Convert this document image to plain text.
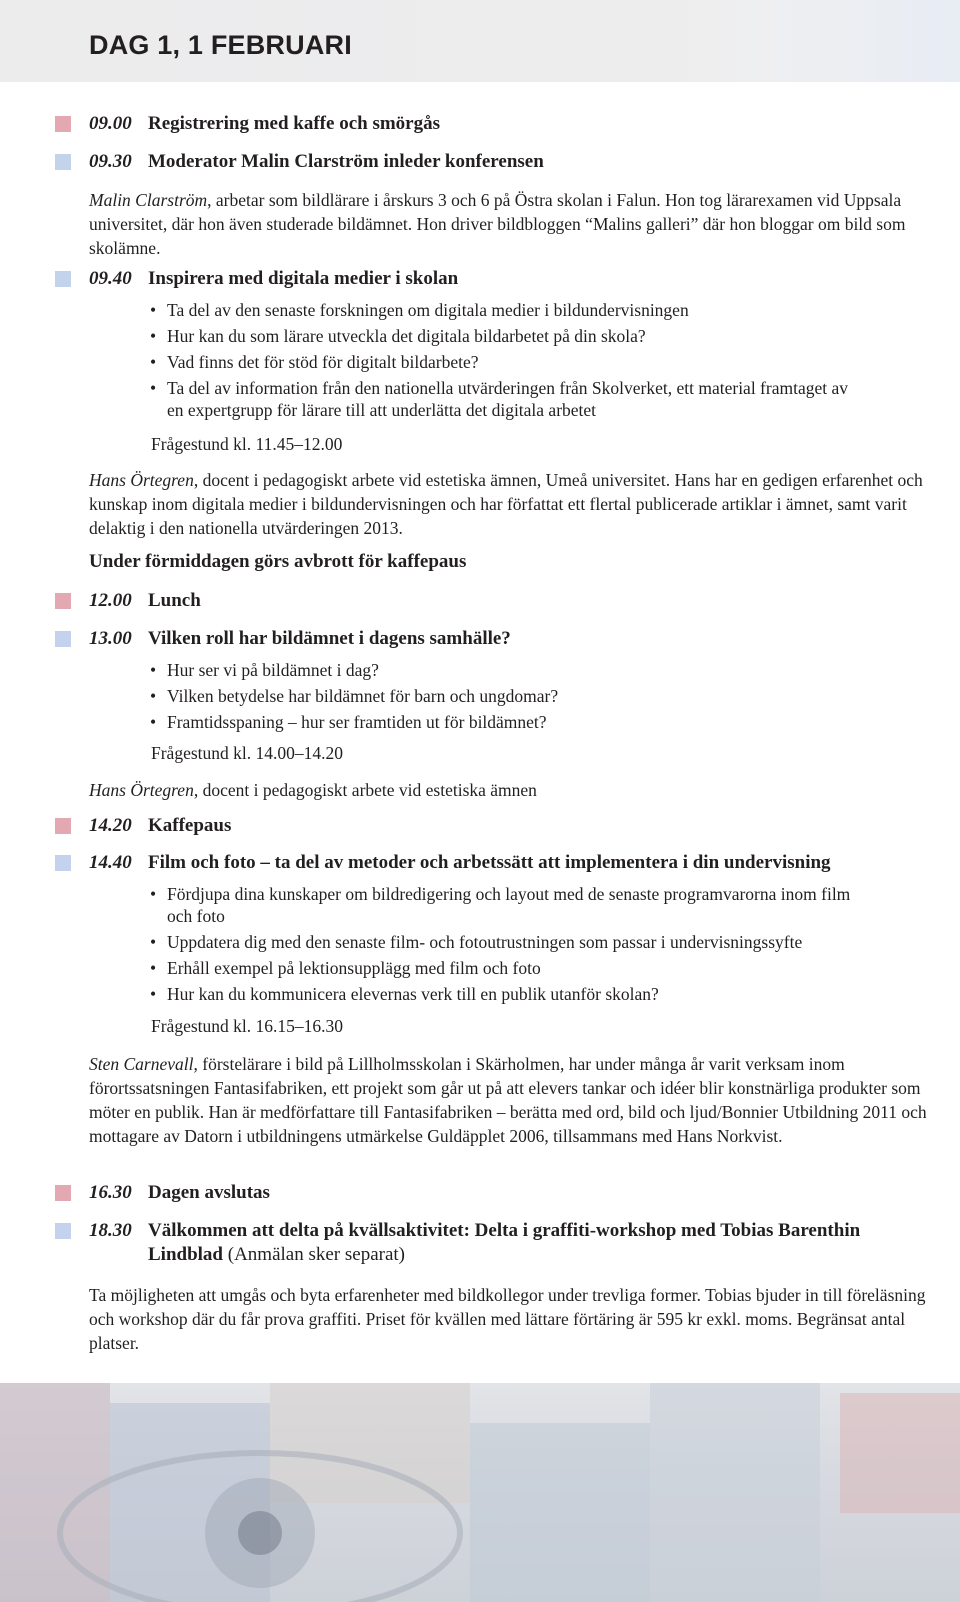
DAG 1, 1 FEBRUARI
09.00 Registrering med kaffe och smörgås
09.30 Moderator Malin Clarström inleder konferensen
Malin Clarström, arbetar som bildlärare i årskurs 3 och 6 på Östra skolan i Falun. Hon tog lärarexamen vid Uppsala universitet, där hon även studerade bildämnet. Hon driver bildbloggen “Malins galleri” där hon bloggar om bild som skolämne.
09.40 Inspirera med digitala medier i skolan
• Ta del av den senaste forskningen om digitala medier i bildundervisningen
• Hur kan du som lärare utveckla det digitala bildarbetet på din skola?
• Vad finns det för stöd för digitalt bildarbete?
• Ta del av information från den nationella utvärderingen från Skolverket, ett material framtaget av en expertgrupp för lärare till att underlätta det digitala arbetet
Frågestund kl. 11.45–12.00
Hans Örtegren, docent i pedagogiskt arbete vid estetiska ämnen, Umeå universitet. Hans har en gedigen erfarenhet och kunskap inom digitala medier i bildundervisningen och har författat ett flertal publicerade artiklar i ämnet, samt varit delaktig i den nationella utvärderingen 2013.
Under förmiddagen görs avbrott för kaffepaus
12.00 Lunch
13.00 Vilken roll har bildämnet i dagens samhälle?
• Hur ser vi på bildämnet i dag?
• Vilken betydelse har bildämnet för barn och ungdomar?
• Framtidsspaning – hur ser framtiden ut för bildämnet?
Frågestund kl. 14.00–14.20
Hans Örtegren, docent i pedagogiskt arbete vid estetiska ämnen
14.20 Kaffepaus
14.40 Film och foto – ta del av metoder och arbetssätt att implementera i din undervisning
• Fördjupa dina kunskaper om bildredigering och layout med de senaste programvarorna inom film och foto
• Uppdatera dig med den senaste film- och fotoutrustningen som passar i undervisningssyfte
• Erhåll exempel på lektionsupplägg med film och foto
• Hur kan du kommunicera elevernas verk till en publik utanför skolan?
Frågestund kl. 16.15–16.30
Sten Carnevall, förstelärare i bild på Lillholmsskolan i Skärholmen, har under många år varit verksam inom förortssatsningen Fantasifabriken, ett projekt som går ut på att elevers tankar och idéer blir konstnärliga produkter som möter en publik. Han är medförfattare till Fantasifabriken – berätta med ord, bild och ljud/Bonnier Utbildning 2011 och mottagare av Datorn i utbildningens utmärkelse Guldäpplet 2006, tillsammans med Hans Norkvist.
16.30 Dagen avslutas
18.30 Välkommen att delta på kvällsaktivitet: Delta i graffiti-workshop med Tobias Barenthin
Lindblad (Anmälan sker separat)
Ta möjligheten att umgås och byta erfarenheter med bildkollegor under trevliga former. Tobias bjuder in till föreläsning och workshop där du får prova graffiti. Priset för kvällen med lättare förtäring är 595 kr exkl. moms. Begränsat antal platser.
